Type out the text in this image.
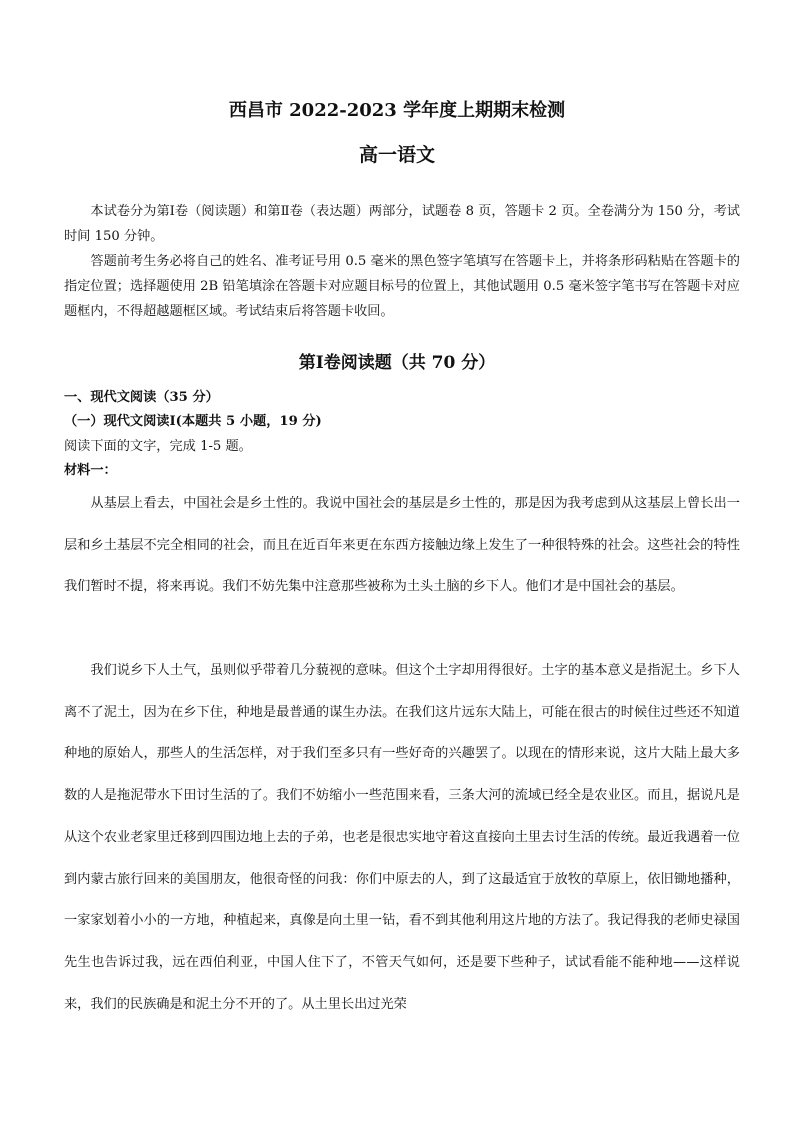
西昌市 2022-2023 学年度上期期末检测
高一语文

本试卷分为第Ⅰ卷（阅读题）和第Ⅱ卷（表达题）两部分，试题卷 8 页，答题卡 2 页。全卷满分为 150 分，考试时间 150 分钟。

答题前考生务必将自己的姓名、准考证号用 0.5 毫米的黑色签字笔填写在答题卡上，并将条形码粘贴在答题卡的指定位置；选择题使用 2B 铅笔填涂在答题卡对应题目标号的位置上，其他试题用 0.5 毫米签字笔书写在答题卡对应题框内，不得超越题框区域。考试结束后将答题卡收回。

第Ⅰ卷阅读题（共 70 分）
一、现代文阅读（35 分）
（一）现代文阅读Ⅰ(本题共 5 小题，19 分)
阅读下面的文字，完成 1-5 题。
材料一：

从基层上看去，中国社会是乡土性的。我说中国社会的基层是乡土性的，那是因为我考虑到从这基层上曾长出一层和乡土基层不完全相同的社会，而且在近百年来更在东西方接触边缘上发生了一种很特殊的社会。这些社会的特性我们暂时不提，将来再说。我们不妨先集中注意那些被称为土头土脑的乡下人。他们才是中国社会的基层。

我们说乡下人土气，虽则似乎带着几分藐视的意味。但这个土字却用得很好。土字的基本意义是指泥土。乡下人离不了泥土，因为在乡下住，种地是最普通的谋生办法。在我们这片远东大陆上，可能在很古的时候住过些还不知道种地的原始人，那些人的生活怎样，对于我们至多只有一些好奇的兴趣罢了。以现在的情形来说，这片大陆上最大多数的人是拖泥带水下田讨生活的了。我们不妨缩小一些范围来看，三条大河的流域已经全是农业区。而且，据说凡是从这个农业老家里迁移到四围边地上去的子弟，也老是很忠实地守着这直接向土里去讨生活的传统。最近我遇着一位到内蒙古旅行回来的美国朋友，他很奇怪的问我：你们中原去的人，到了这最适宜于放牧的草原上，依旧锄地播种，一家家划着小小的一方地，种植起来，真像是向土里一钻，看不到其他利用这片地的方法了。我记得我的老师史禄国先生也告诉过我，远在西伯利亚，中国人住下了，不管天气如何，还是要下些种子，试试看能不能种地——这样说来，我们的民族确是和泥土分不开的了。从土里长出过光荣
